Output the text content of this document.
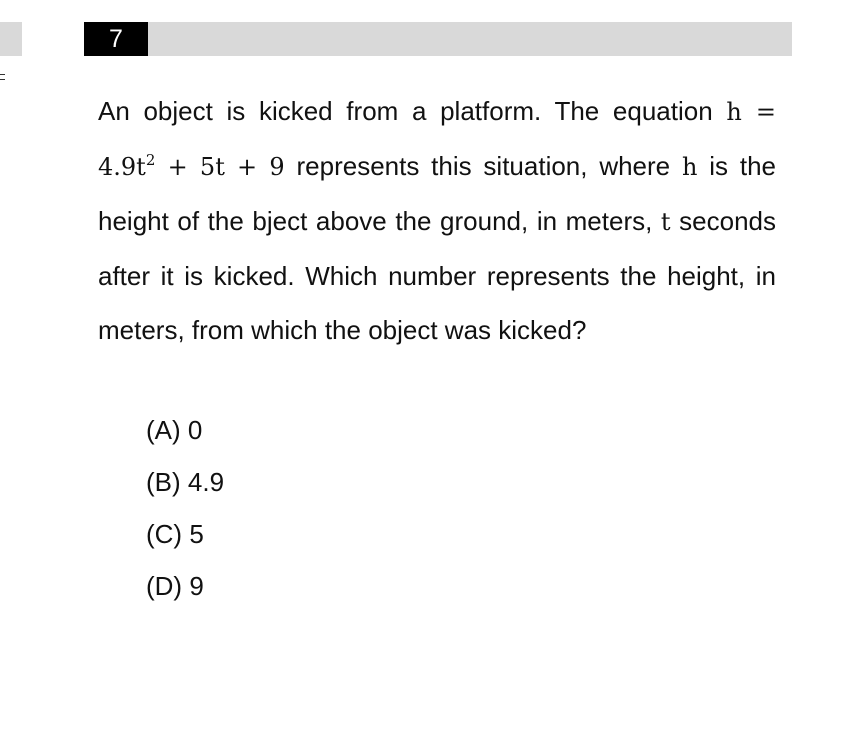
7

An object is kicked from a platform. The equation $h = 4.9t^2 + 5t + 9$ represents this situation, where h is the height of the bject above the ground, in meters, t seconds after it is kicked. Which number represents the height, in meters, from which the object was kicked?

(A) 0
(B) 4.9
(C) 5
(D) 9
